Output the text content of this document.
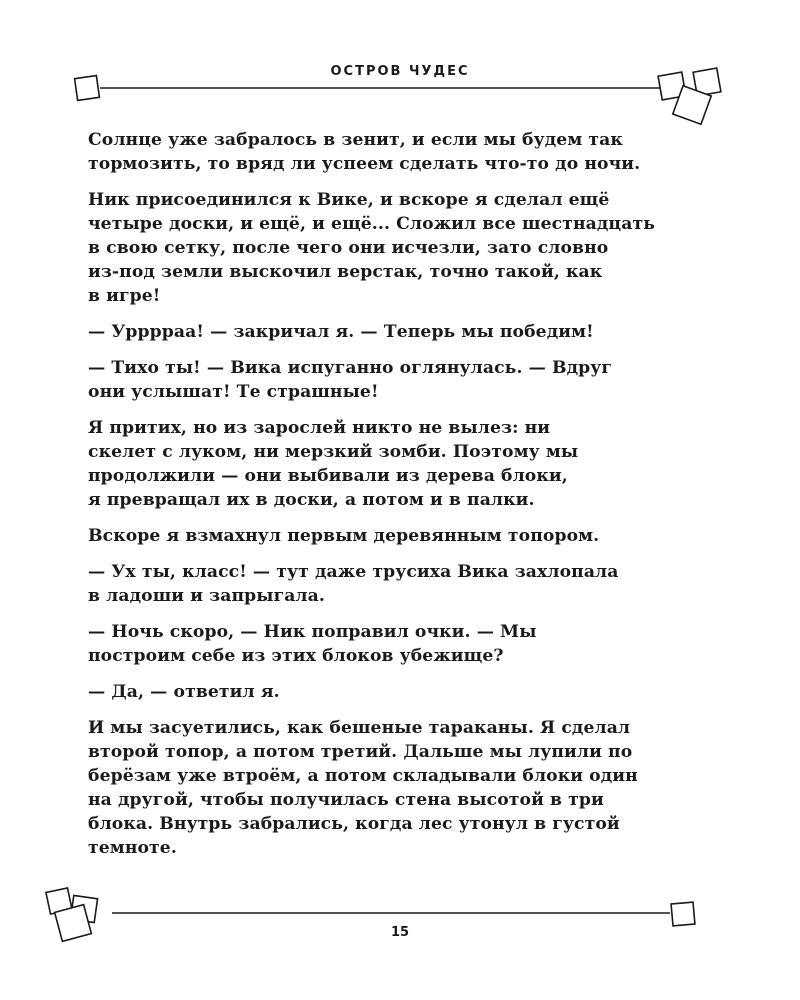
ОСТРОВ ЧУДЕС

Солнце уже забралось в зенит, и если мы будем так
тормозить, то вряд ли успеем сделать что-то до ночи.

Ник присоединился к Вике, и вскоре я сделал ещё
четыре доски, и ещё, и ещё... Сложил все шестнадцать
в свою сетку, после чего они исчезли, зато словно
из-под земли выскочил верстак, точно такой, как
в игре!

— Урррраа! — закричал я. — Теперь мы победим!

— Тихо ты! — Вика испуганно оглянулась. — Вдруг
они услышат! Те страшные!

Я притих, но из зарослей никто не вылез: ни
скелет с луком, ни мерзкий зомби. Поэтому мы
продолжили — они выбивали из дерева блоки,
я превращал их в доски, а потом и в палки.

Вскоре я взмахнул первым деревянным топором.

— Ух ты, класс! — тут даже трусиха Вика захлопала
в ладоши и запрыгала.

— Ночь скоро, — Ник поправил очки. — Мы
построим себе из этих блоков убежище?

— Да, — ответил я.

И мы засуетились, как бешеные тараканы. Я сделал
второй топор, а потом третий. Дальше мы лупили по
берёзам уже втроём, а потом складывали блоки один
на другой, чтобы получилась стена высотой в три
блока. Внутрь забрались, когда лес утонул в густой
темноте.

15
